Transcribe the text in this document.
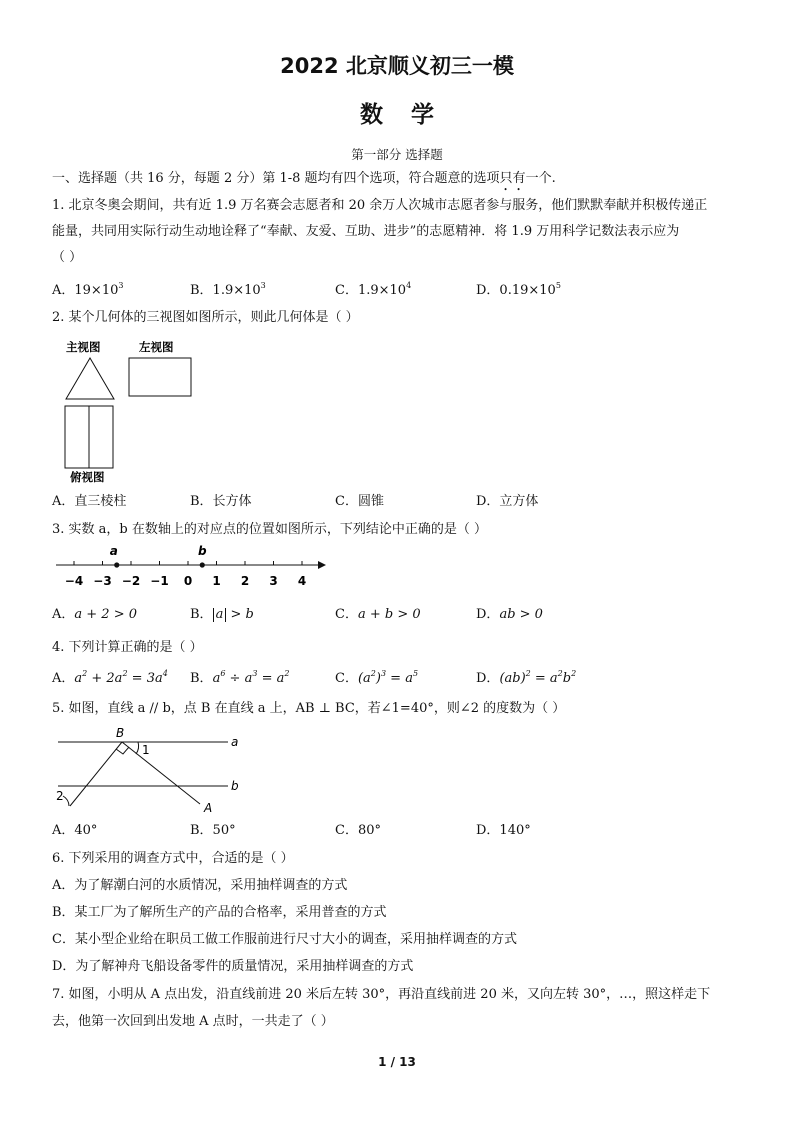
2022 北京顺义初三一模
数学
第一部分 选择题
一、选择题（共 16 分，每题 2 分）第 1-8 题均有四个选项，符合题意的选项只有一个.
1. 北京冬奥会期间，共有近 1.9 万名赛会志愿者和 20 余万人次城市志愿者参与服务，他们默默奉献并积极传递正
能量，共同用实际行动生动地诠释了“奉献、友爱、互助、进步”的志愿精神．将 1.9 万用科学记数法表示应为
（ ）
A．$19\times 10^3$	B．$1.9\times 10^3$	C．$1.9\times 10^4$	D．$0.19\times 10^5$
2. 某个几何体的三视图如图所示，则此几何体是（ ）
主视图	左视图
俯视图
A．直三棱柱	B．长方体	C．圆锥	D．立方体
3. 实数 a，b 在数轴上的对应点的位置如图所示，下列结论中正确的是（ ）
−4 −3 −2 −1 0 1 2 3 4
a	b
A．a + 2 > 0	B． a > b	C．a + b > 0	D．ab > 0
4. 下列计算正确的是（ ）
A．$a^2 + 2a^2 = 3a^4$ B．$a^6 \div a^3 = a^2$	C．$(a^2)^3 = a^5$	D．$(ab)^2 = a^2b^2$
5. 如图，直线 a // b，点 B 在直线 a 上，AB ⊥ BC，若∠1=40°，则∠2 的度数为（ ）
B
1
a
b
2
A
A．40°	B．50°	C．80°	D．140°
6. 下列采用的调查方式中，合适的是（ ）
A．为了解潮白河的水质情况，采用抽样调查的方式
B．某工厂为了解所生产的产品的合格率，采用普查的方式
C．某小型企业给在职员工做工作服前进行尺寸大小的调查，采用抽样调查的方式
D．为了解神舟飞船设备零件的质量情况，采用抽样调查的方式
7. 如图，小明从 A 点出发，沿直线前进 20 米后左转 30°，再沿直线前进 20 米，又向左转 30°，…，照这样走下
去，他第一次回到出发地 A 点时，一共走了（ ）
1 / 13
